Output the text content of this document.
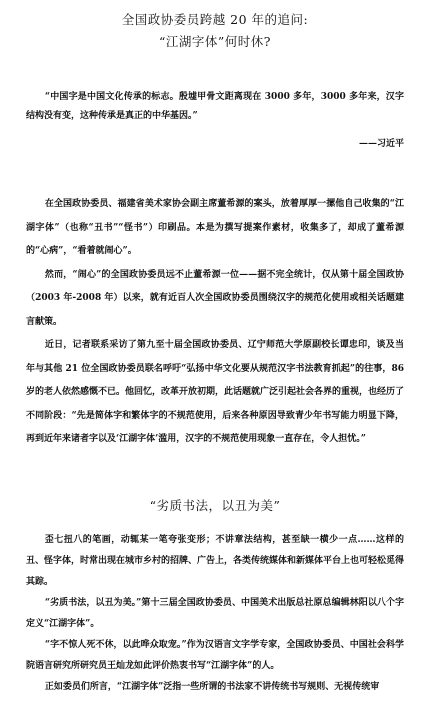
全国政协委员跨越 20 年的追问:
“江湖字体”何时休?

“中国字是中国文化传承的标志。殷墟甲骨文距离现在 3000 多年，3000 多年来，汉字结构没有变，这种传承是真正的中华基因。”

——习近平

在全国政协委员、福建省美术家协会副主席董希源的案头，放着厚厚一摞他自己收集的“江湖字体”（也称“丑书”“怪书”）印刷品。本是为撰写提案作素材，收集多了，却成了董希源的“心病”，“看着就闹心”。

然而，“闹心”的全国政协委员远不止董希源一位——据不完全统计，仅从第十届全国政协（2003 年-2008 年）以来，就有近百人次全国政协委员围绕汉字的规范化使用或相关话题建言献策。

近日，记者联系采访了第九至十届全国政协委员、辽宁师范大学原副校长谭忠印，谈及当年与其他 21 位全国政协委员联名呼吁“弘扬中华文化要从规范汉字书法教育抓起”的往事，86 岁的老人依然感慨不已。他回忆，改革开放初期，此话题就广泛引起社会各界的重视，也经历了不同阶段：“先是简体字和繁体字的不规范使用，后来各种原因导致青少年书写能力明显下降，再到近年来诸者字以及‘江湖字体’滥用，汉字的不规范使用现象一直存在，令人担忧。”

“劣质书法，以丑为美”

歪七扭八的笔画，动辄某一笔夸张变形；不讲章法结构，甚至缺一横少一点……这样的丑、怪字体，时常出现在城市乡村的招牌、广告上，各类传统媒体和新媒体平台上也可轻松觅得其踪。

“劣质书法，以丑为美。”第十三届全国政协委员、中国美术出版总社原总编辑林阳以八个字定义“江湖字体”。

“字不惊人死不休，以此哗众取宠。”作为汉语言文字学专家，全国政协委员、中国社会科学院语言研究所研究员王灿龙如此评价热衷书写“江湖字体”的人。

正如委员们所言，“江湖字体”泛指一些所谓的书法家不讲传统书写规则、无视传统审
